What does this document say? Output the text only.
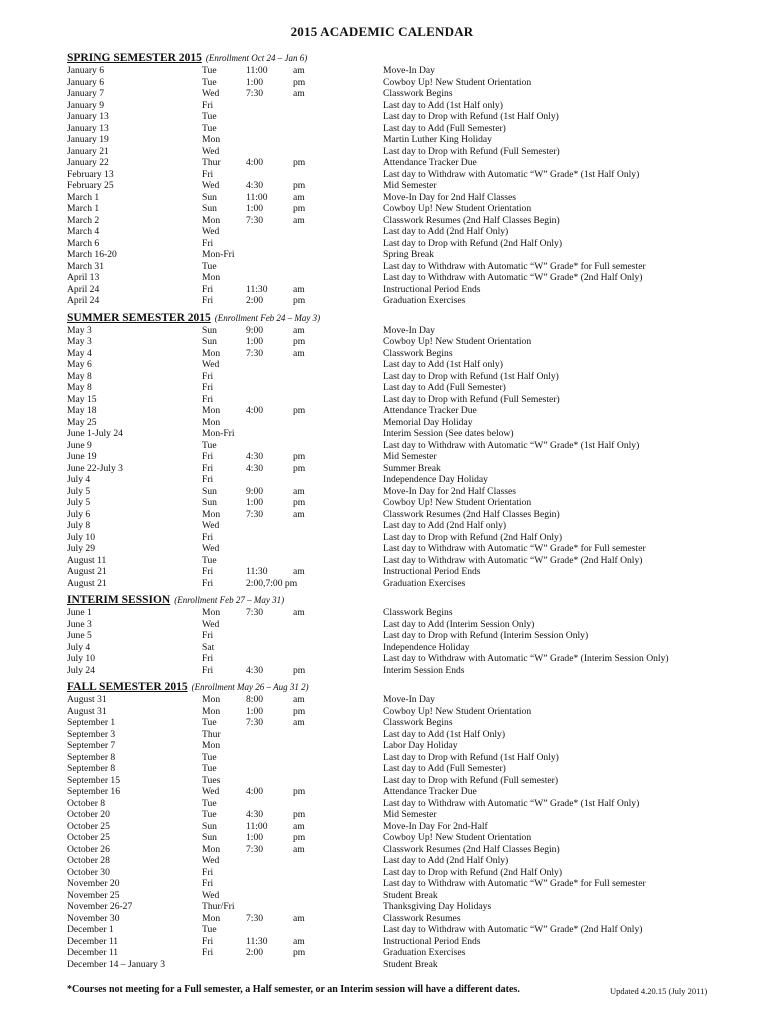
2015 ACADEMIC CALENDAR
SPRING SEMESTER 2015 (Enrollment Oct 24 – Jan 6)
January 6	Tue	11:00	am	Move-In Day
January 6	Tue	1:00	pm	Cowboy Up! New Student Orientation
January 7	Wed	7:30	am	Classwork Begins
January 9	Fri	Last day to Add (1st Half only)
January 13	Tue	Last day to Drop with Refund (1st Half Only)
January 13	Tue	Last day to Add (Full Semester)
January 19	Mon	Martin Luther King Holiday
January 21	Wed	Last day to Drop with Refund (Full Semester)
January 22	Thur	4:00	pm	Attendance Tracker Due
February 13	Fri	Last day to Withdraw with Automatic “W” Grade* (1st Half Only)
February 25	Wed	4:30	pm	Mid Semester
March 1	Sun	11:00	am	Move-In Day for 2nd Half Classes
March 1	Sun	1:00	pm	Cowboy Up! New Student Orientation
March 2	Mon	7:30	am	Classwork Resumes (2nd Half Classes Begin)
March 4	Wed	Last day to Add (2nd Half Only)
March 6	Fri	Last day to Drop with Refund (2nd Half Only)
March 16-20	Mon-Fri	Spring Break
March 31	Tue	Last day to Withdraw with Automatic “W” Grade* for Full semester
April 13	Mon	Last day to Withdraw with Automatic “W” Grade* (2nd Half Only)
April 24	Fri	11:30	am	Instructional Period Ends
April 24	Fri	2:00	pm	Graduation Exercises
SUMMER SEMESTER 2015 (Enrollment Feb 24 – May 3)
May 3	Sun	9:00	am	Move-In Day
May 3	Sun	1:00	pm	Cowboy Up! New Student Orientation
May 4	Mon	7:30	am	Classwork Begins
May 6	Wed	Last day to Add (1st Half only)
May 8	Fri	Last day to Drop with Refund (1st Half Only)
May 8	Fri	Last day to Add (Full Semester)
May 15	Fri	Last day to Drop with Refund (Full Semester)
May 18	Mon	4:00	pm	Attendance Tracker Due
May 25	Mon	Memorial Day Holiday
June 1-July 24	Mon-Fri	Interim Session (See dates below)
June 9	Tue	Last day to Withdraw with Automatic “W” Grade* (1st Half Only)
June 19	Fri	4:30	pm	Mid Semester
June 22-July 3	Fri	4:30	pm	Summer Break
July 4	Fri	Independence Day Holiday
July 5	Sun	9:00	am	Move-In Day for 2nd Half Classes
July 5	Sun	1:00	pm	Cowboy Up! New Student Orientation
July 6	Mon	7:30	am	Classwork Resumes (2nd Half Classes Begin)
July 8	Wed	Last day to Add (2nd Half only)
July 10	Fri	Last day to Drop with Refund (2nd Half Only)
July 29	Wed	Last day to Withdraw with Automatic “W” Grade* for Full semester
August 11	Tue	Last day to Withdraw with Automatic “W” Grade* (2nd Half Only)
August 21	Fri	11:30	am	Instructional Period Ends
August 21	Fri	2:00,7:00 pm	Graduation Exercises
INTERIM SESSION (Enrollment Feb 27 – May 31)
June 1	Mon	7:30	am	Classwork Begins
June 3	Wed	Last day to Add (Interim Session Only)
June 5	Fri	Last day to Drop with Refund (Interim Session Only)
July 4	Sat	Independence Holiday
July 10	Fri	Last day to Withdraw with Automatic “W” Grade* (Interim Session Only)
July 24	Fri	4:30	pm	Interim Session Ends
FALL SEMESTER 2015 (Enrollment May 26 – Aug 31 2)
August 31	Mon	8:00	am	Move-In Day
August 31	Mon	1:00	pm	Cowboy Up! New Student Orientation
September 1	Tue	7:30	am	Classwork Begins
September 3	Thur	Last day to Add (1st Half Only)
September 7	Mon	Labor Day Holiday
September 8	Tue	Last day to Drop with Refund (1st Half Only)
September 8	Tue	Last day to Add (Full Semester)
September 15	Tues	Last day to Drop with Refund (Full semester)
September 16	Wed	4:00	pm	Attendance Tracker Due
October 8	Tue	Last day to Withdraw with Automatic “W” Grade* (1st Half Only)
October 20	Tue	4:30	pm	Mid Semester
October 25	Sun	11:00	am	Move-In Day For 2nd-Half
October 25	Sun	1:00	pm	Cowboy Up! New Student Orientation
October 26	Mon	7:30	am	Classwork Resumes (2nd Half Classes Begin)
October 28	Wed	Last day to Add (2nd Half Only)
October 30	Fri	Last day to Drop with Refund (2nd Half Only)
November 20	Fri	Last day to Withdraw with Automatic “W” Grade* for Full semester
November 25	Wed	Student Break
November 26-27	Thur/Fri	Thanksgiving Day Holidays
November 30	Mon	7:30	am	Classwork Resumes
December 1	Tue	Last day to Withdraw with Automatic “W” Grade* (2nd Half Only)
December 11	Fri	11:30	am	Instructional Period Ends
December 11	Fri	2:00	pm	Graduation Exercises
December 14 – January 3	Student Break
*Courses not meeting for a Full semester, a Half semester, or an Interim session will have a different dates.	Updated 4.20.15 (July 2011)
